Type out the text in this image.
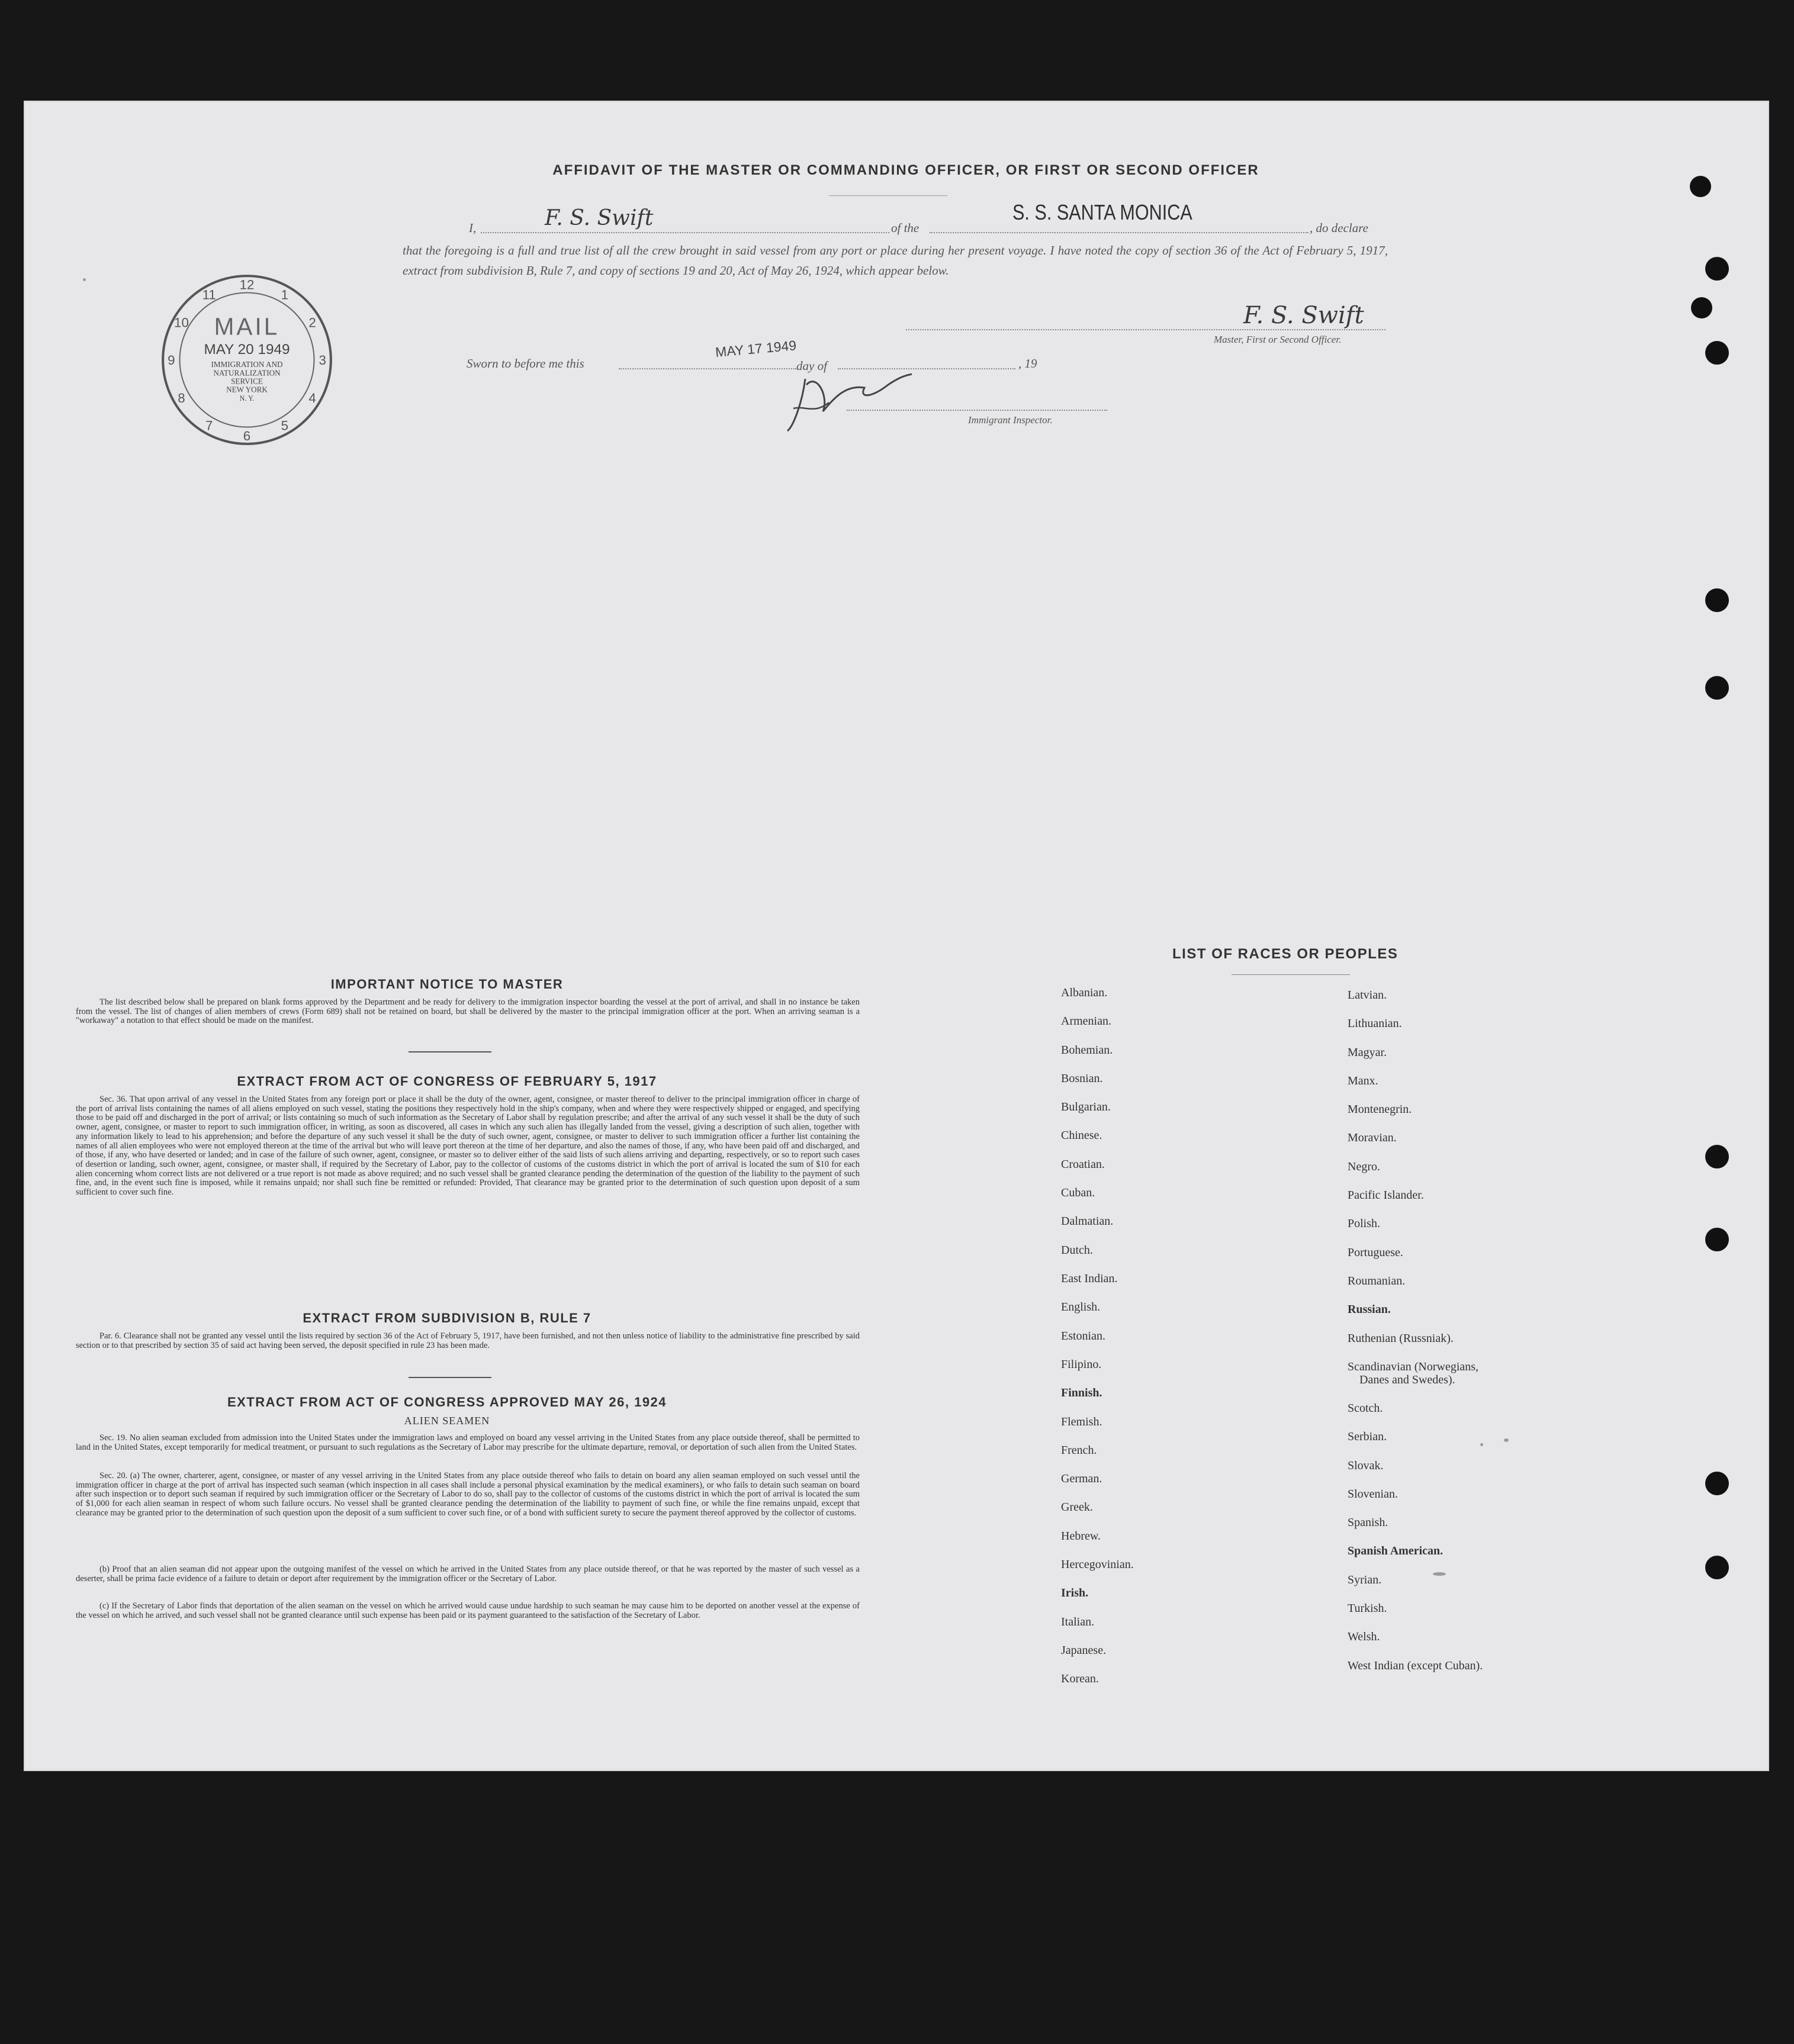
AFFIDAVIT OF THE MASTER OR COMMANDING OFFICER, OR FIRST OR SECOND OFFICER
I,	F. S. Swift	of the
S. S. SANTA MONICA
, do declare
that the foregoing is a full and true list of all the crew brought in said vessel from any port or place during her present voyage. I have noted the copy of section 36 of the Act of February 5, 1917, extract from subdivision B, Rule 7, and copy of sections 19 and 20, Act of May 26, 1924, which appear below.
F. S. Swift
Master, First or Second Officer.
Sworn to before me this
MAY 17 1949
day of	, 19
Immigrant Inspector.
12
1
2
3
4
5
6
7
8
9
10
11
MAIL
MAY 20 1949
IMMIGRATION AND
NATURALIZATION
SERVICE
NEW YORK
N. Y.
IMPORTANT NOTICE TO MASTER
The list described below shall be prepared on blank forms approved by the Department and be ready for delivery to the immigration inspector boarding the vessel at the port of arrival, and shall in no instance be taken from the vessel. The list of changes of alien members of crews (Form 689) shall not be retained on board, but shall be delivered by the master to the principal immigration officer at the port. When an arriving seaman is a "workaway" a notation to that effect should be made on the manifest.
EXTRACT FROM ACT OF CONGRESS OF FEBRUARY 5, 1917
Sec. 36. That upon arrival of any vessel in the United States from any foreign port or place it shall be the duty of the owner, agent, consignee, or master thereof to deliver to the principal immigration officer in charge of the port of arrival lists containing the names of all aliens employed on such vessel, stating the positions they respectively hold in the ship's company, when and where they were respectively shipped or engaged, and specifying those to be paid off and discharged in the port of arrival; or lists containing so much of such information as the Secretary of Labor shall by regulation prescribe; and after the arrival of any such vessel it shall be the duty of such owner, agent, consignee, or master to report to such immigration officer, in writing, as soon as discovered, all cases in which any such alien has illegally landed from the vessel, giving a description of such alien, together with any information likely to lead to his apprehension; and before the departure of any such vessel it shall be the duty of such owner, agent, consignee, or master to deliver to such immigration officer a further list containing the names of all alien employees who were not employed thereon at the time of the arrival but who will leave port thereon at the time of her departure, and also the names of those, if any, who have been paid off and discharged, and of those, if any, who have deserted or landed; and in case of the failure of such owner, agent, consignee, or master so to deliver either of the said lists of such aliens arriving and departing, respectively, or so to report such cases of desertion or landing, such owner, agent, consignee, or master shall, if required by the Secretary of Labor, pay to the collector of customs of the customs district in which the port of arrival is located the sum of $10 for each alien concerning whom correct lists are not delivered or a true report is not made as above required; and no such vessel shall be granted clearance pending the determination of the question of the liability to the payment of such fine, and, in the event such fine is imposed, while it remains unpaid; nor shall such fine be remitted or refunded: Provided, That clearance may be granted prior to the determination of such question upon deposit of a sum sufficient to cover such fine.
EXTRACT FROM SUBDIVISION B, RULE 7
Par. 6. Clearance shall not be granted any vessel until the lists required by section 36 of the Act of February 5, 1917, have been furnished, and not then unless notice of liability to the administrative fine prescribed by said section or to that prescribed by section 35 of said act having been served, the deposit specified in rule 23 has been made.
EXTRACT FROM ACT OF CONGRESS APPROVED MAY 26, 1924
ALIEN SEAMEN
Sec. 19. No alien seaman excluded from admission into the United States under the immigration laws and employed on board any vessel arriving in the United States from any place outside thereof, shall be permitted to land in the United States, except temporarily for medical treatment, or pursuant to such regulations as the Secretary of Labor may prescribe for the ultimate departure, removal, or deportation of such alien from the United States.
Sec. 20. (a) The owner, charterer, agent, consignee, or master of any vessel arriving in the United States from any place outside thereof who fails to detain on board any alien seaman employed on such vessel until the immigration officer in charge at the port of arrival has inspected such seaman (which inspection in all cases shall include a personal physical examination by the medical examiners), or who fails to detain such seaman on board after such inspection or to deport such seaman if required by such immigration officer or the Secretary of Labor to do so, shall pay to the collector of customs of the customs district in which the port of arrival is located the sum of $1,000 for each alien seaman in respect of whom such failure occurs. No vessel shall be granted clearance pending the determination of the liability to payment of such fine, or while the fine remains unpaid, except that clearance may be granted prior to the determination of such question upon the deposit of a sum sufficient to cover such fine, or of a bond with sufficient surety to secure the payment thereof approved by the collector of customs.
(b) Proof that an alien seaman did not appear upon the outgoing manifest of the vessel on which he arrived in the United States from any place outside thereof, or that he was reported by the master of such vessel as a deserter, shall be prima facie evidence of a failure to detain or deport after requirement by the immigration officer or the Secretary of Labor.
(c) If the Secretary of Labor finds that deportation of the alien seaman on the vessel on which he arrived would cause undue hardship to such seaman he may cause him to be deported on another vessel at the expense of the vessel on which he arrived, and such vessel shall not be granted clearance until such expense has been paid or its payment guaranteed to the satisfaction of the Secretary of Labor.
LIST OF RACES OR PEOPLES
Albanian.
Armenian.
Bohemian.
Bosnian.
Bulgarian.
Chinese.
Croatian.
Cuban.
Dalmatian.
Dutch.
East Indian.
English.
Estonian.
Filipino.
Finnish.
Flemish.
French.
German.
Greek.
Hebrew.
Hercegovinian.
Irish.
Italian.
Japanese.
Korean.
Latvian.
Lithuanian.
Magyar.
Manx.
Montenegrin.
Moravian.
Negro.
Pacific Islander.
Polish.
Portuguese.
Roumanian.
Russian.
Ruthenian (Russniak).
Scandinavian (Norwegians,
Danes and Swedes).
Scotch.
Serbian.
Slovak.
Slovenian.
Spanish.
Spanish American.
Syrian.
Turkish.
Welsh.
West Indian (except Cuban).
